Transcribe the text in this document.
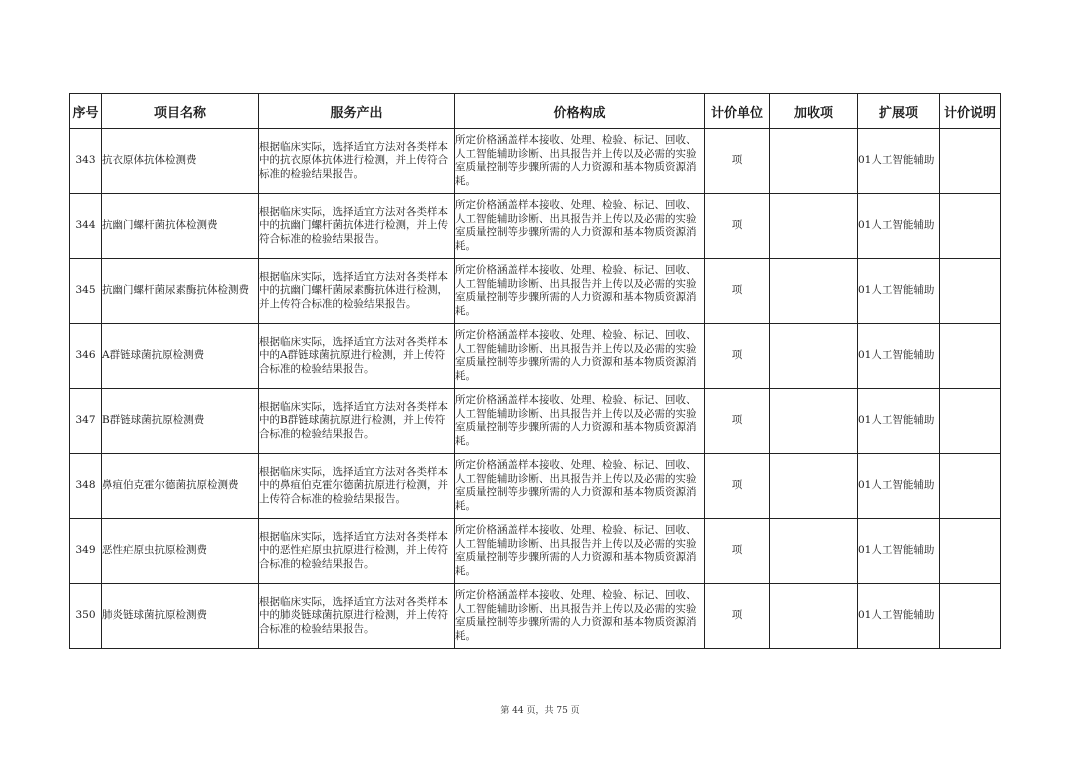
序号	项目名称	服务产出	价格构成	计价单位	加收项	扩展项	计价说明
343	抗衣原体抗体检测费	根据临床实际，选择适宜方法对各类样本中的抗衣原体抗体进行检测，并上传符合标准的检验结果报告。	所定价格涵盖样本接收、处理、检验、标记、回收、人工智能辅助诊断、出具报告并上传以及必需的实验室质量控制等步骤所需的人力资源和基本物质资源消耗。	项		01人工智能辅助	
344	抗幽门螺杆菌抗体检测费	根据临床实际，选择适宜方法对各类样本中的抗幽门螺杆菌抗体进行检测，并上传符合标准的检验结果报告。	所定价格涵盖样本接收、处理、检验、标记、回收、人工智能辅助诊断、出具报告并上传以及必需的实验室质量控制等步骤所需的人力资源和基本物质资源消耗。	项		01人工智能辅助	
345	抗幽门螺杆菌尿素酶抗体检测费	根据临床实际，选择适宜方法对各类样本中的抗幽门螺杆菌尿素酶抗体进行检测，并上传符合标准的检验结果报告。	所定价格涵盖样本接收、处理、检验、标记、回收、人工智能辅助诊断、出具报告并上传以及必需的实验室质量控制等步骤所需的人力资源和基本物质资源消耗。	项		01人工智能辅助	
346	A群链球菌抗原检测费	根据临床实际，选择适宜方法对各类样本中的A群链球菌抗原进行检测，并上传符合标准的检验结果报告。	所定价格涵盖样本接收、处理、检验、标记、回收、人工智能辅助诊断、出具报告并上传以及必需的实验室质量控制等步骤所需的人力资源和基本物质资源消耗。	项		01人工智能辅助	
347	B群链球菌抗原检测费	根据临床实际，选择适宜方法对各类样本中的B群链球菌抗原进行检测，并上传符合标准的检验结果报告。	所定价格涵盖样本接收、处理、检验、标记、回收、人工智能辅助诊断、出具报告并上传以及必需的实验室质量控制等步骤所需的人力资源和基本物质资源消耗。	项		01人工智能辅助	
348	鼻疽伯克霍尔德菌抗原检测费	根据临床实际，选择适宜方法对各类样本中的鼻疽伯克霍尔德菌抗原进行检测，并上传符合标准的检验结果报告。	所定价格涵盖样本接收、处理、检验、标记、回收、人工智能辅助诊断、出具报告并上传以及必需的实验室质量控制等步骤所需的人力资源和基本物质资源消耗。	项		01人工智能辅助	
349	恶性疟原虫抗原检测费	根据临床实际，选择适宜方法对各类样本中的恶性疟原虫抗原进行检测，并上传符合标准的检验结果报告。	所定价格涵盖样本接收、处理、检验、标记、回收、人工智能辅助诊断、出具报告并上传以及必需的实验室质量控制等步骤所需的人力资源和基本物质资源消耗。	项		01人工智能辅助	
350	肺炎链球菌抗原检测费	根据临床实际，选择适宜方法对各类样本中的肺炎链球菌抗原进行检测，并上传符合标准的检验结果报告。	所定价格涵盖样本接收、处理、检验、标记、回收、人工智能辅助诊断、出具报告并上传以及必需的实验室质量控制等步骤所需的人力资源和基本物质资源消耗。	项		01人工智能辅助	
第 44 页，共 75 页
